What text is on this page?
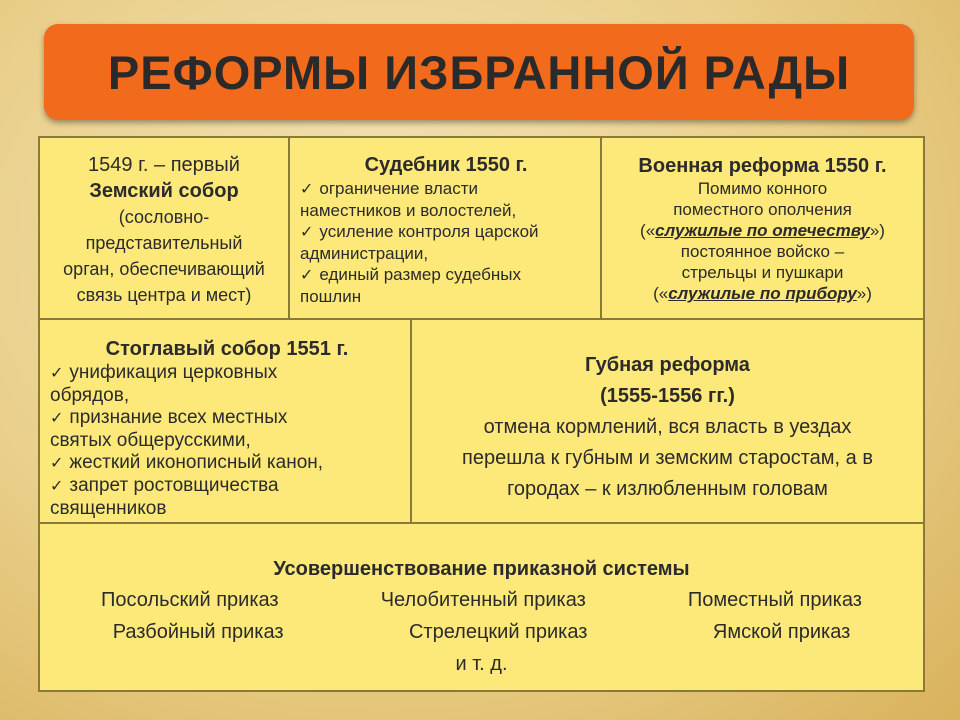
РЕФОРМЫ ИЗБРАННОЙ РАДЫ
1549 г. – первый
Земский собор
(сословно-
представительный
орган, обеспечивающий
связь центра и мест)
Судебник 1550 г.
✓ ограничение власти
наместников и волостелей,
✓ усиление контроля царской
администрации,
✓ единый размер судебных
пошлин
Военная реформа 1550 г.
Помимо конного
поместного ополчения
(«служилые по отечеству»)
постоянное войско –
стрельцы и пушкари
(«служилые по прибору»)
Стоглавый собор 1551 г.
✓ унификация церковных
обрядов,
✓ признание всех местных
святых общерусскими,
✓ жесткий иконописный канон,
✓ запрет ростовщичества
священников
Губная реформа
(1555-1556 гг.)
отмена кормлений, вся власть в уездах
перешла к губным и земским старостам, а в
городах – к излюбленным головам
Усовершенствование приказной системы
Посольский приказ	Челобитенный приказ	Поместный приказ
Разбойный приказ	Стрелецкий приказ	Ямской приказ
и т. д.
